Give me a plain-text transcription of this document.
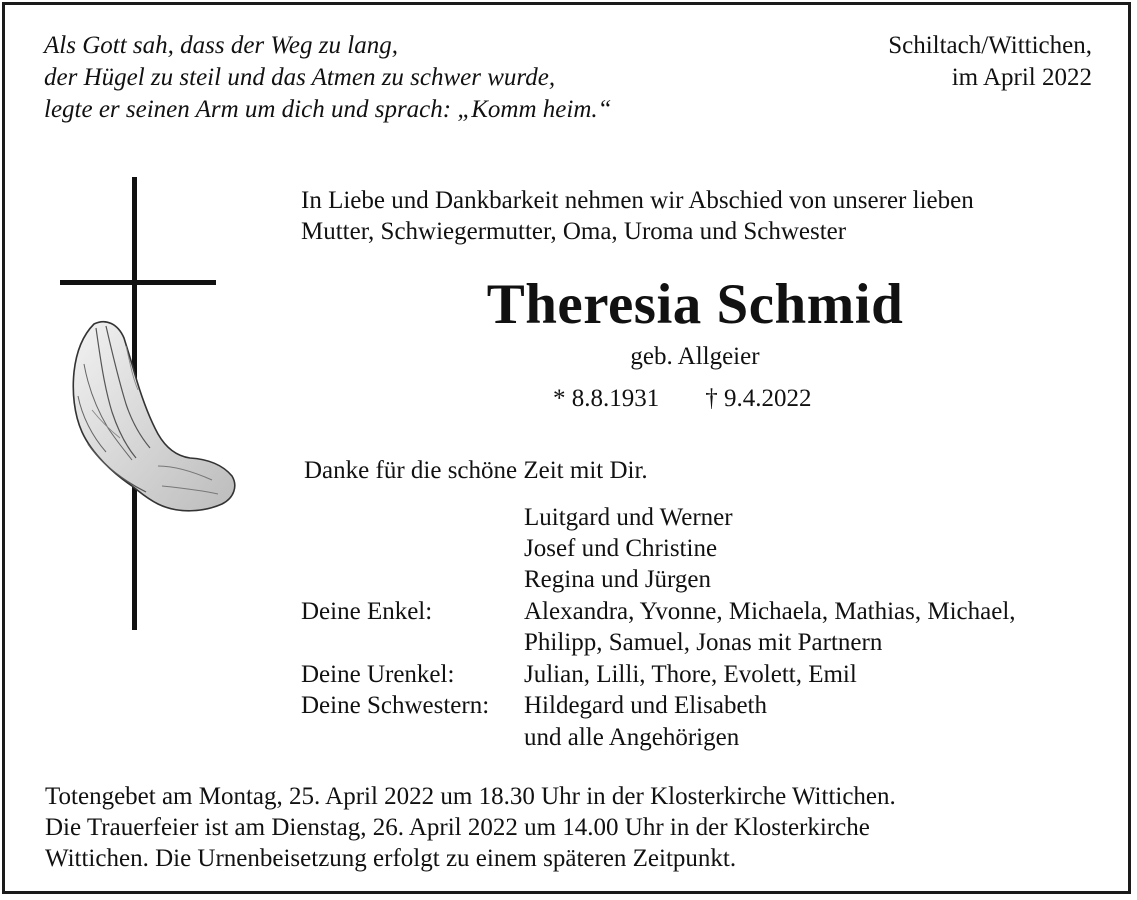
Als Gott sah, dass der Weg zu lang,
der Hügel zu steil und das Atmen zu schwer wurde,
legte er seinen Arm um dich und sprach: „Komm heim.“
Schiltach/Wittichen,
im April 2022
In Liebe und Dankbarkeit nehmen wir Abschied von unserer lieben
Mutter, Schwiegermutter, Oma, Uroma und Schwester
Theresia Schmid
geb. Allgeier
* 8.8.1931 † 9.4.2022
Danke für die schöne Zeit mit Dir.
Luitgard und Werner
Josef und Christine
Regina und Jürgen
Deine Enkel:	Alexandra, Yvonne, Michaela, Mathias, Michael,
Philipp, Samuel, Jonas mit Partnern
Deine Urenkel:	Julian, Lilli, Thore, Evolett, Emil
Deine Schwestern: Hildegard und Elisabeth
und alle Angehörigen
Totengebet am Montag, 25. April 2022 um 18.30 Uhr in der Klosterkirche Wittichen.
Die Trauerfeier ist am Dienstag, 26. April 2022 um 14.00 Uhr in der Klosterkirche
Wittichen. Die Urnenbeisetzung erfolgt zu einem späteren Zeitpunkt.
